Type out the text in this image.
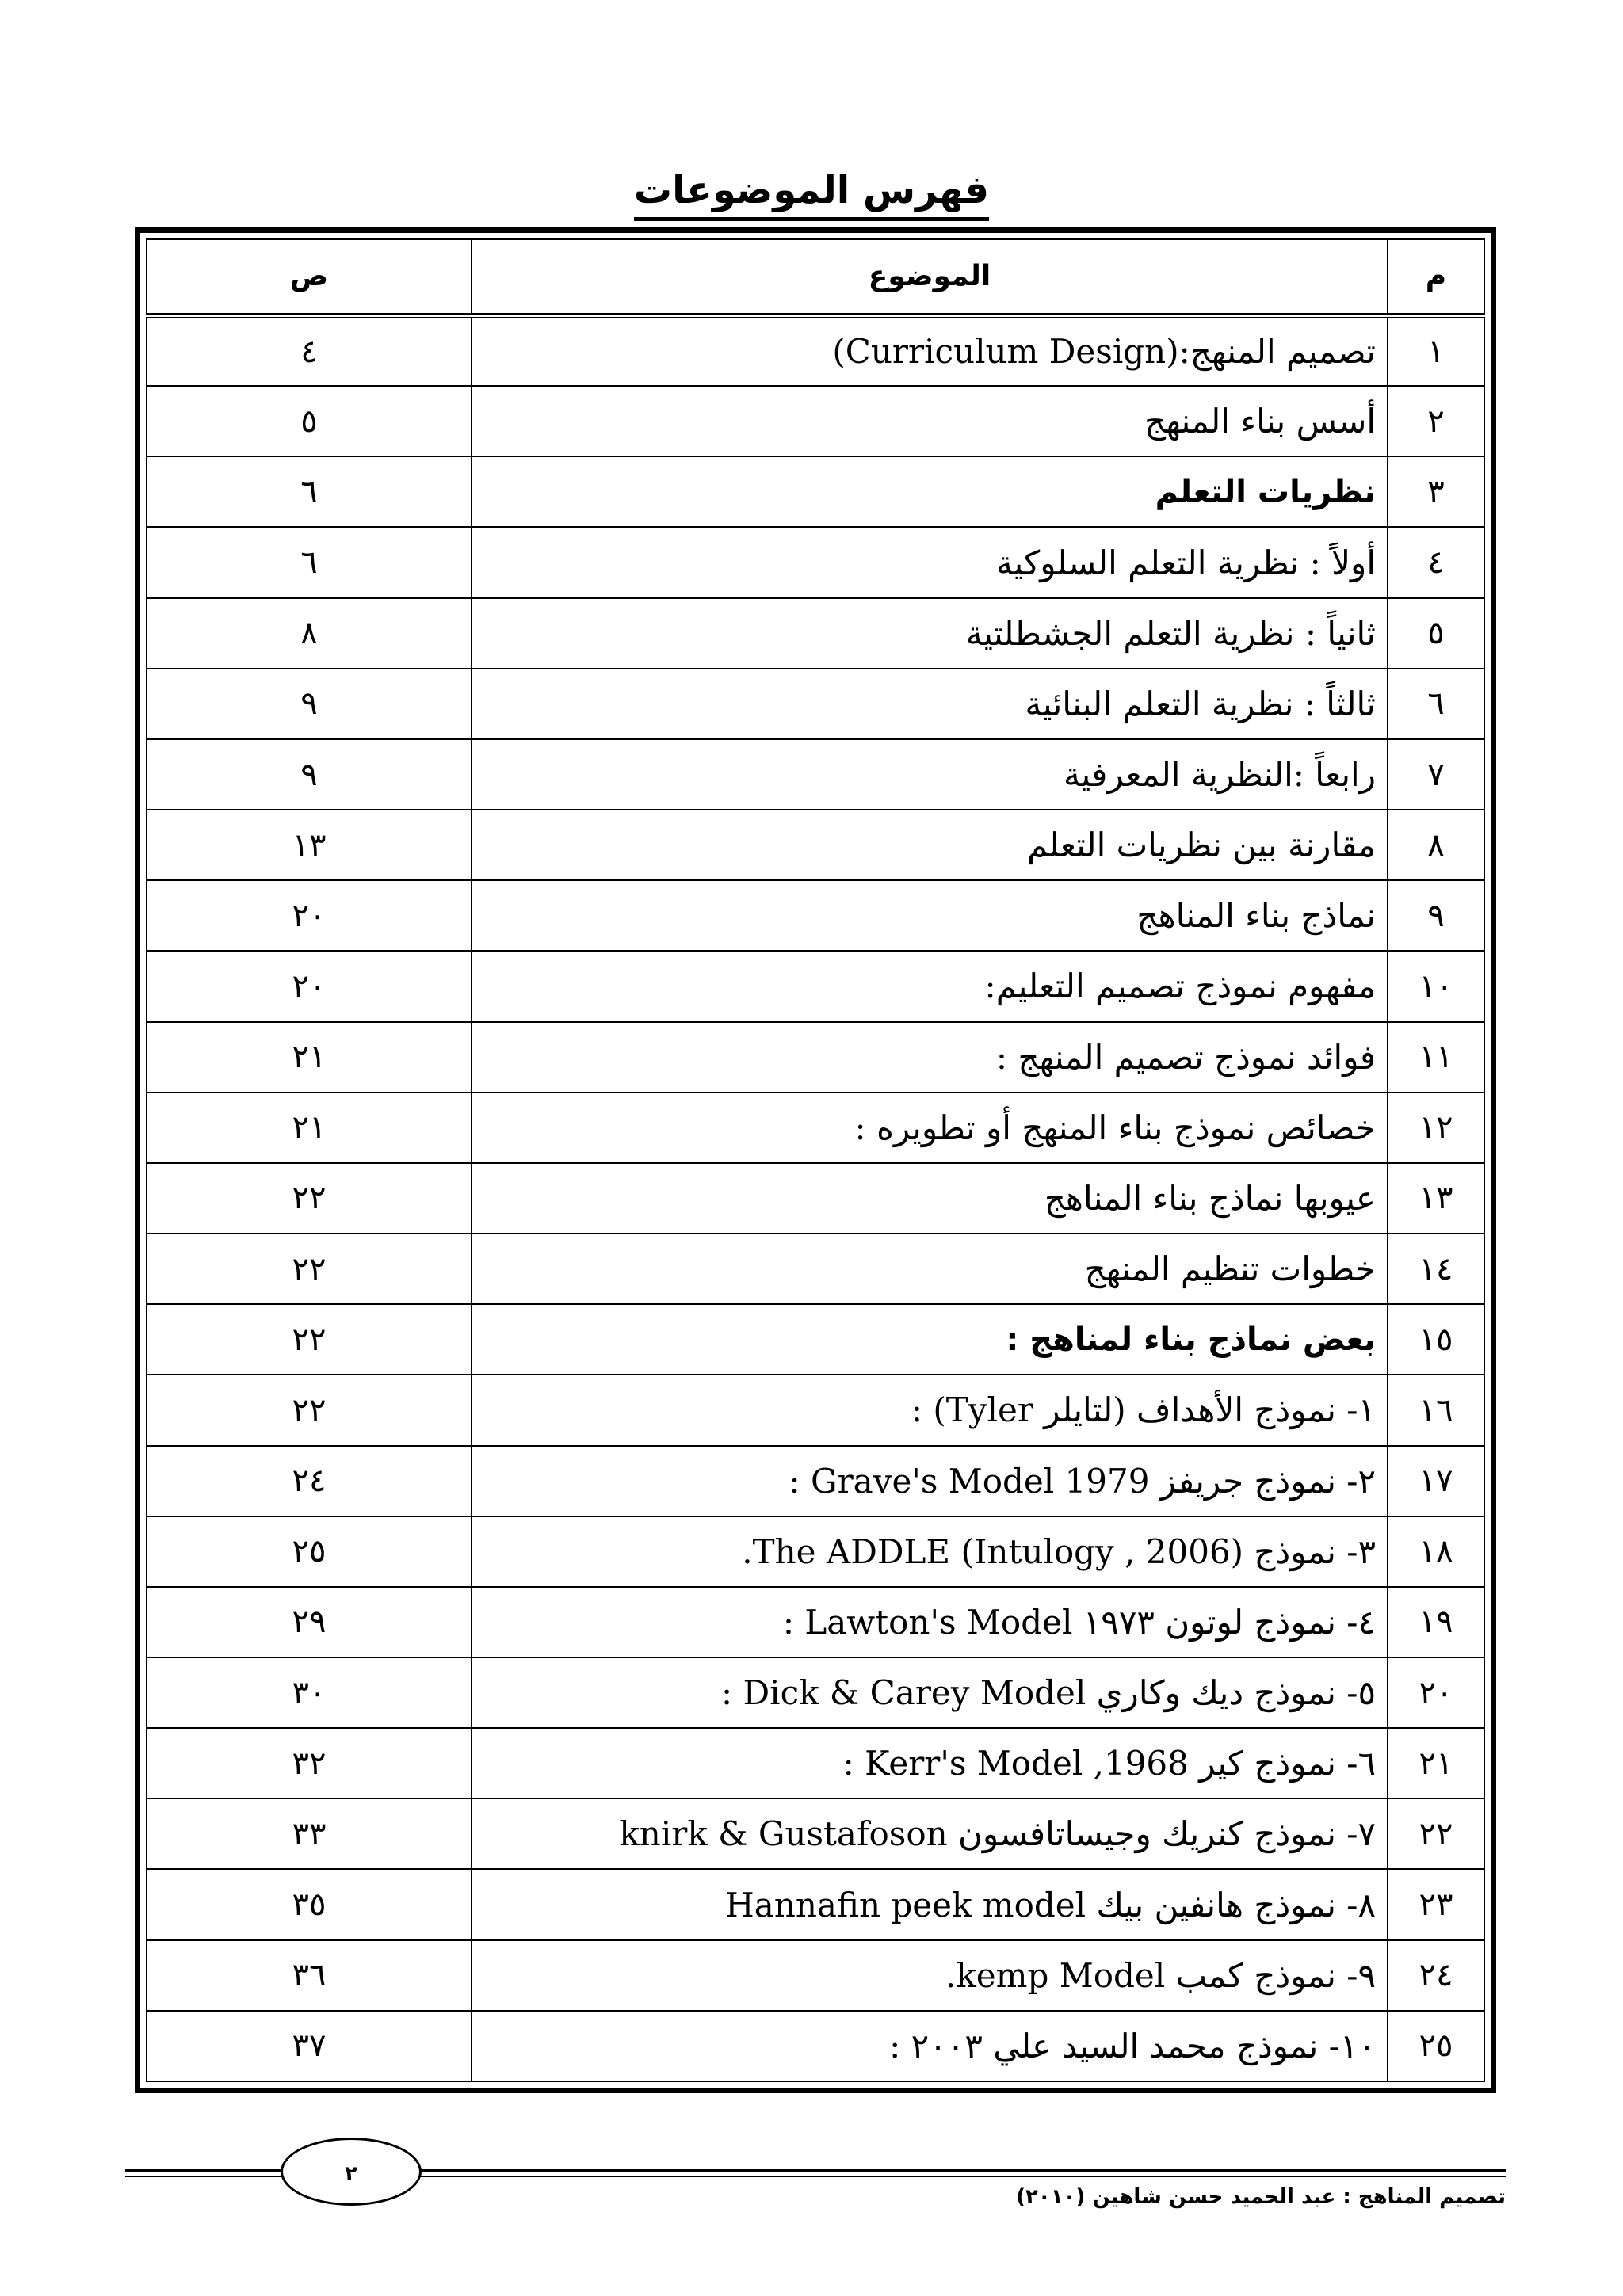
فهرس الموضوعات
م	الموضوع	ص
١	تصميم المنهج:(Curriculum Design)	٤
٢	أسس بناء المنهج	٥
٣	نظريات التعلم	٦
٤	أولاً : نظرية التعلم السلوكية	٦
٥	ثانياً : نظرية التعلم الجشطلتية	٨
٦	ثالثاً : نظرية التعلم البنائية	٩
٧	رابعاً :النظرية المعرفية	٩
٨	مقارنة بين نظريات التعلم	١٣
٩	نماذج بناء المناهج	٢٠
١٠	مفهوم نموذج تصميم التعليم:	٢٠
١١	فوائد نموذج تصميم المنهج :	٢١
١٢	خصائص نموذج بناء المنهج أو تطويره :	٢١
١٣	عيوبها نماذج بناء المناهج	٢٢
١٤	خطوات تنظيم المنهج	٢٢
١٥	بعض نماذج بناء لمناهج :	٢٢
١٦	١- نموذج الأهداف (لتايلر Tyler) :	٢٢
١٧	٢- نموذج جريفز Grave's Model 1979 :	٢٤
١٨	٣- نموذج The ADDLE (Intulogy , 2006).	٢٥
١٩	٤- نموذج لوتون ١٩٧٣ Lawton's Model :	٢٩
٢٠	٥- نموذج ديك وكاري Dick & Carey Model :	٣٠
٢١	٦- نموذج كير Kerr's Model ,1968 :	٣٢
٢٢	٧- نموذج كنريك وجيساتافسون knirk & Gustafoson	٣٣
٢٣	٨- نموذج هانفين بيك Hannafin peek model	٣٥
٢٤	٩- نموذج كمب kemp Model.	٣٦
٢٥	١٠- نموذج محمد السيد علي ٢٠٠٣ :	٣٧
٢
تصميم المناهج : عبد الحميد حسن شاهين (٢٠١٠)
